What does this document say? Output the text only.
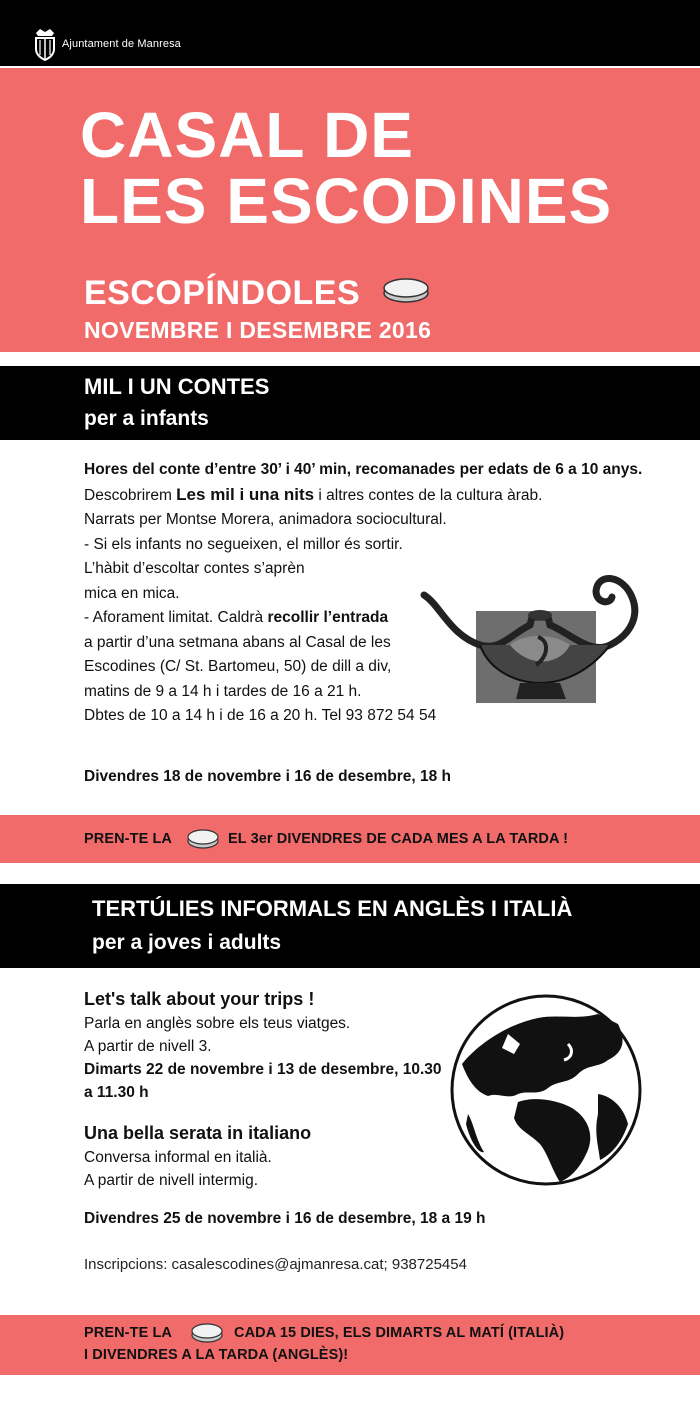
Ajuntament de Manresa
CASAL DE
LES ESCODINES
ESCOPÍNDOLES
NOVEMBRE I DESEMBRE 2016
MIL I UN CONTES
per a infants
Hores del conte d’entre 30’ i 40’ min, recomanades per edats de 6 a 10 anys. Descobrirem Les mil i una nits i altres contes de la cultura àrab.
Narrats per Montse Morera, animadora sociocultural.
- Si els infants no segueixen, el millor és sortir.
L’hàbit d’escoltar contes s’aprèn
mica en mica.
- Aforament limitat. Caldrà recollir l’entrada
a partir d’una setmana abans al Casal de les
Escodines (C/ St. Bartomeu, 50) de dill a div,
matins de 9 a 14 h i tardes de 16 a 21 h.
Dbtes de 10 a 14 h i de 16 a 20 h. Tel 93 872 54 54
Divendres 18 de novembre i 16 de desembre, 18 h
PREN-TE LA	EL 3er DIVENDRES DE CADA MES A LA TARDA !
TERTÚLIES INFORMALS EN ANGLÈS I ITALIÀ
per a joves i adults

Let's talk about your trips !

Parla en anglès sobre els teus viatges.

A partir de nivell 3.

Dimarts 22 de novembre i 13 de desembre, 10.30 a 11.30 h

Una bella serata in italiano

Conversa informal en italià.

A partir de nivell intermig.

Divendres 25 de novembre i 16 de desembre, 18 a 19 h
Inscripcions: casalescodines@ajmanresa.cat; 938725454
PREN-TE LA	CADA 15 DIES, ELS DIMARTS AL MATÍ (ITALIÀ)
I DIVENDRES A LA TARDA (ANGLÈS)!
